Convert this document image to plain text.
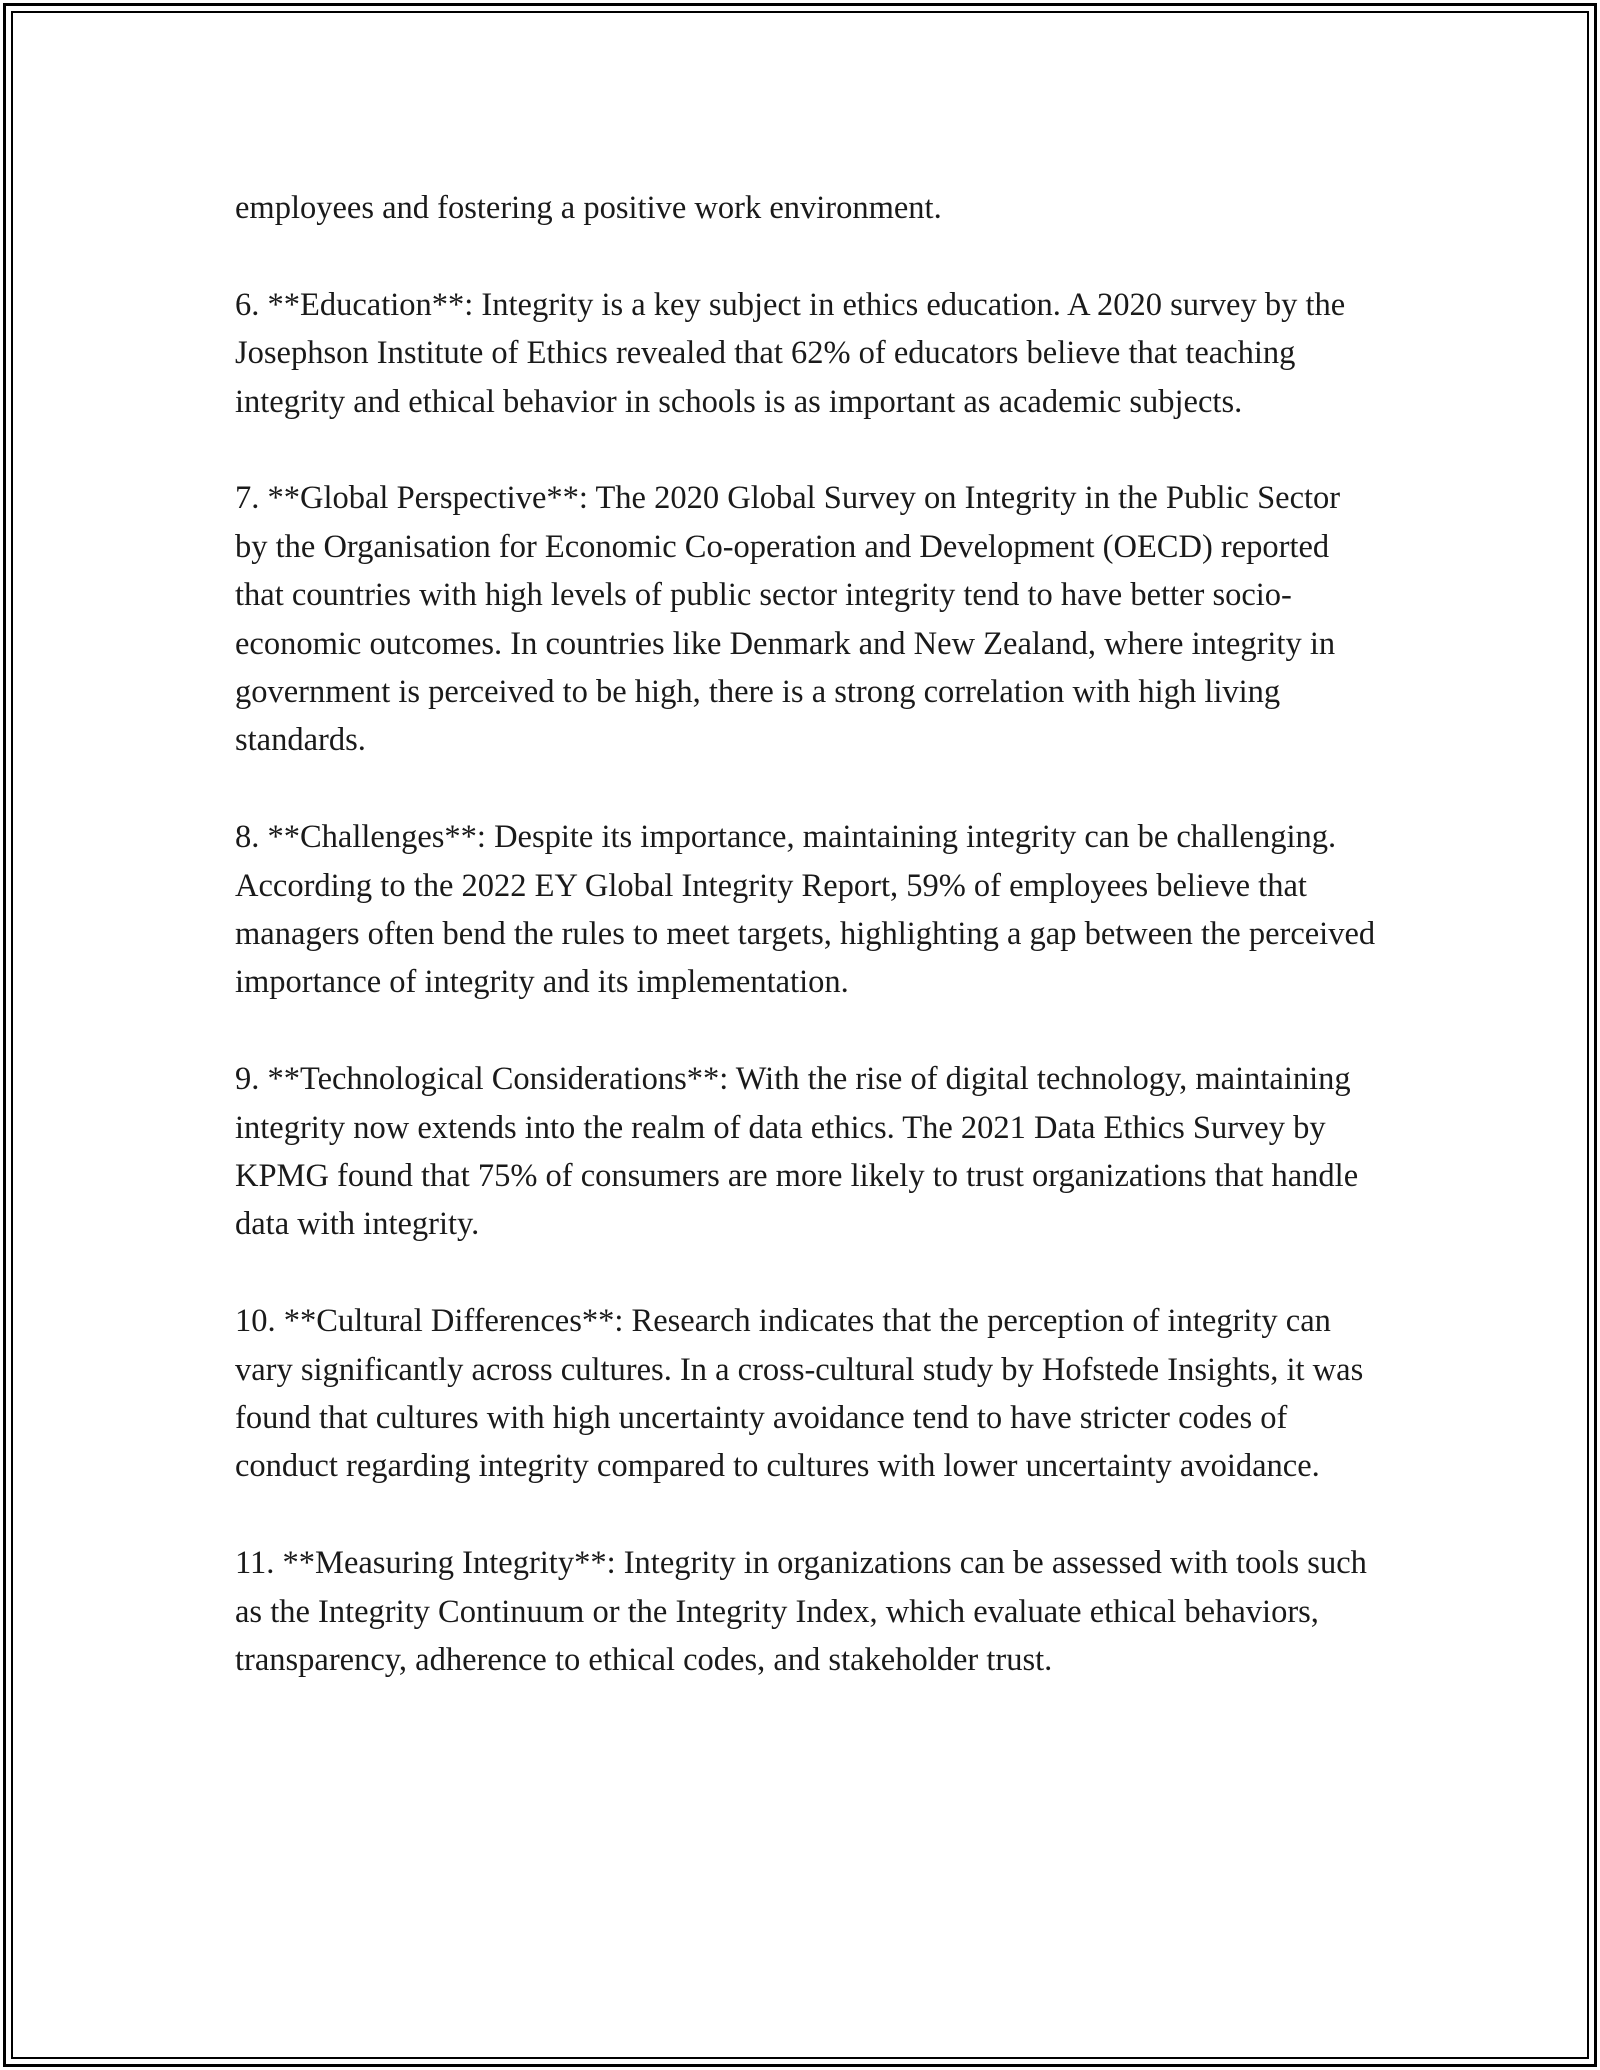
employees and fostering a positive work environment.

6. **Education**: Integrity is a key subject in ethics education. A 2020 survey by the Josephson Institute of Ethics revealed that 62% of educators believe that teaching integrity and ethical behavior in schools is as important as academic subjects.

7. **Global Perspective**: The 2020 Global Survey on Integrity in the Public Sector by the Organisation for Economic Co-operation and Development (OECD) reported that countries with high levels of public sector integrity tend to have better socio-economic outcomes. In countries like Denmark and New Zealand, where integrity in government is perceived to be high, there is a strong correlation with high living standards.

8. **Challenges**: Despite its importance, maintaining integrity can be challenging. According to the 2022 EY Global Integrity Report, 59% of employees believe that managers often bend the rules to meet targets, highlighting a gap between the perceived importance of integrity and its implementation.

9. **Technological Considerations**: With the rise of digital technology, maintaining integrity now extends into the realm of data ethics. The 2021 Data Ethics Survey by KPMG found that 75% of consumers are more likely to trust organizations that handle data with integrity.

10. **Cultural Differences**: Research indicates that the perception of integrity can vary significantly across cultures. In a cross-cultural study by Hofstede Insights, it was found that cultures with high uncertainty avoidance tend to have stricter codes of conduct regarding integrity compared to cultures with lower uncertainty avoidance.

11. **Measuring Integrity**: Integrity in organizations can be assessed with tools such as the Integrity Continuum or the Integrity Index, which evaluate ethical behaviors, transparency, adherence to ethical codes, and stakeholder trust.
